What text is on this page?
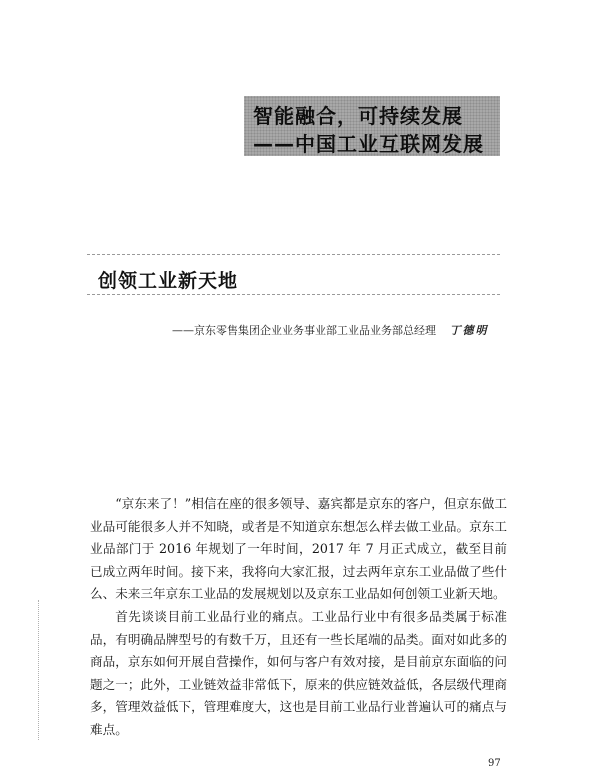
智能融合，可持续发展
——中国工业互联网发展
创领工业新天地
——京东零售集团企业业务事业部工业品业务部总经理 丁德明

“京东来了！”相信在座的很多领导、嘉宾都是京东的客户，但京东做工业品可能很多人并不知晓，或者是不知道京东想怎么样去做工业品。京东工业品部门于 2016 年规划了一年时间，2017 年 7 月正式成立，截至目前已成立两年时间。接下来，我将向大家汇报，过去两年京东工业品做了些什么、未来三年京东工业品的发展规划以及京东工业品如何创领工业新天地。

首先谈谈目前工业品行业的痛点。工业品行业中有很多品类属于标准品，有明确品牌型号的有数千万，且还有一些长尾端的品类。面对如此多的商品，京东如何开展自营操作，如何与客户有效对接，是目前京东面临的问题之一；此外，工业链效益非常低下，原来的供应链效益低，各层级代理商多，管理效益低下，管理难度大，这也是目前工业品行业普遍认可的痛点与难点。

97
